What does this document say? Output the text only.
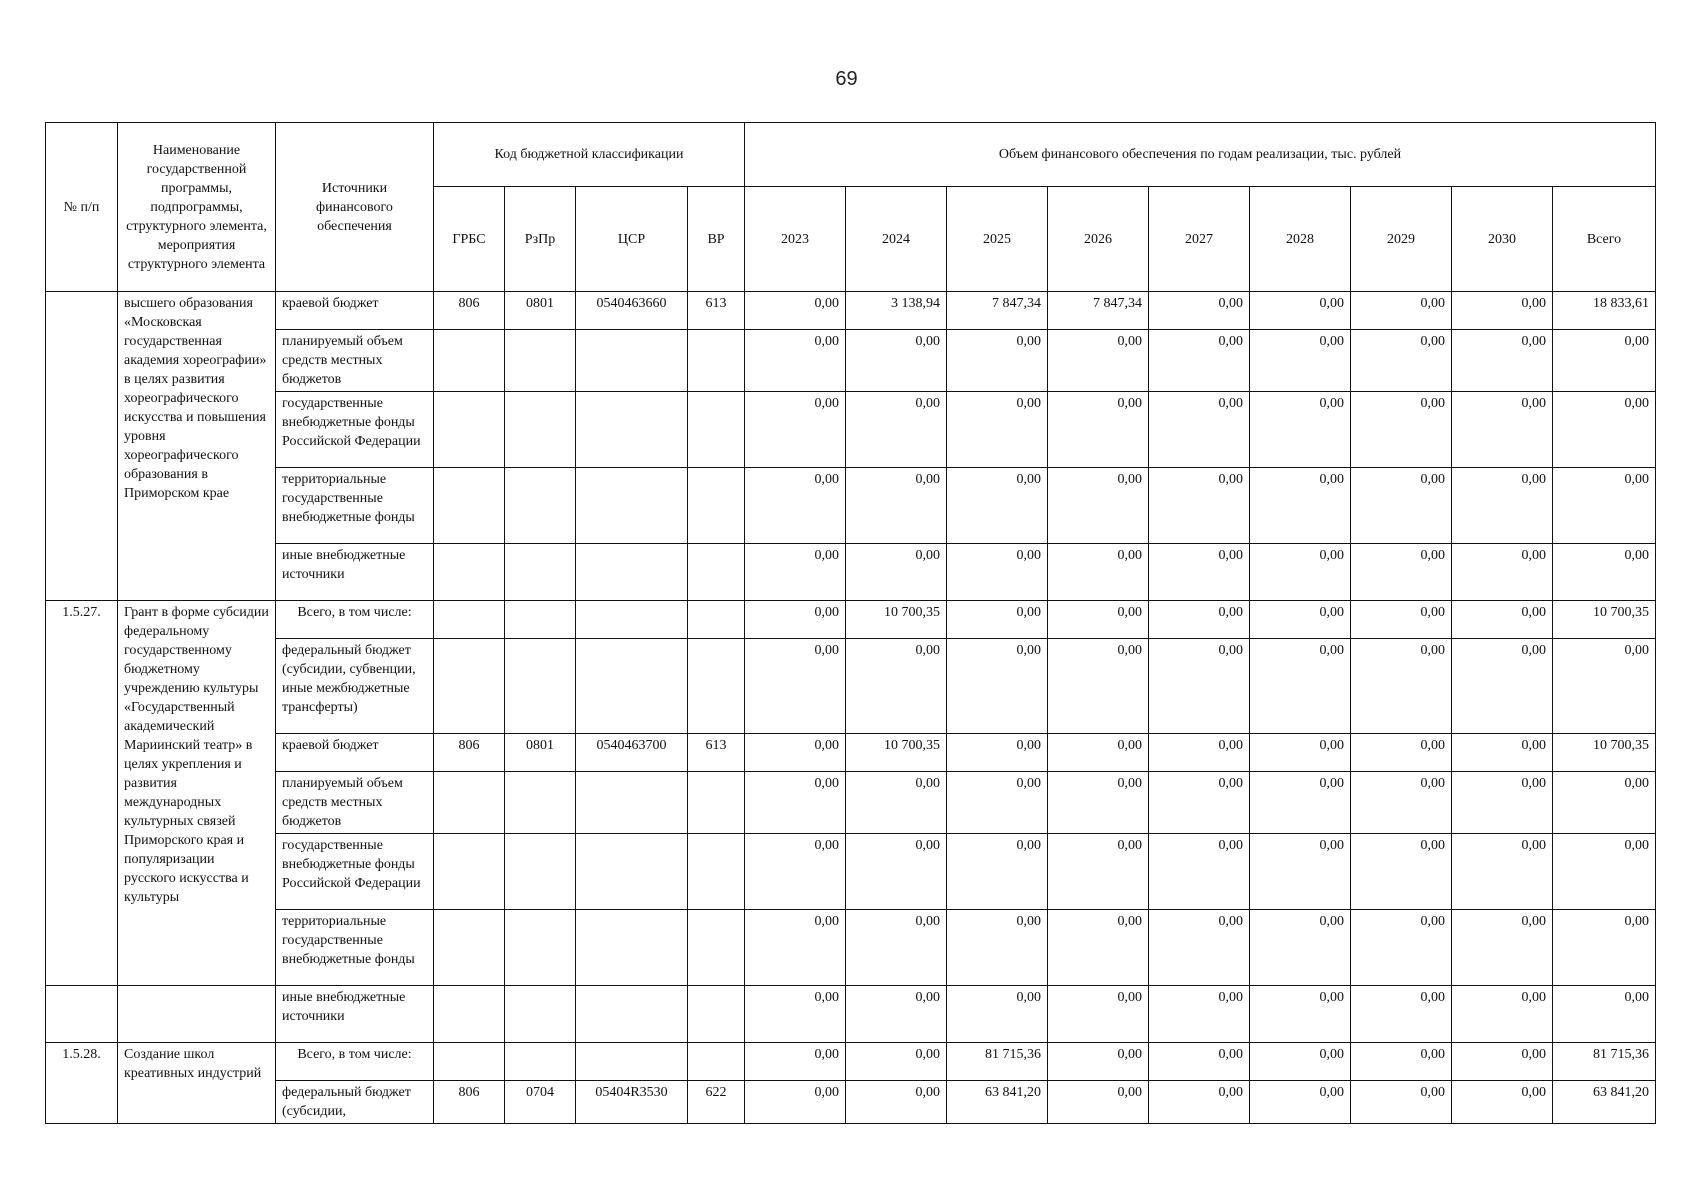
69
№ п/п	Наименование государственной программы, подпрограммы, структурного элемента, мероприятия структурного элемента	Источники финансового обеспечения	Код бюджетной классификации				Объем финансового обеспечения по годам реализации, тыс. рублей								
			ГРБС	РзПр	ЦСР	ВР	2023	2024	2025	2026	2027	2028	2029	2030	Всего
	высшего образования «Московская государственная академия хореографии» в целях развития хореографического искусства и повышения уровня хореографического образования в Приморском крае	краевой бюджет	806	0801	0540463660	613	0,00	3 138,94	7 847,34	7 847,34	0,00	0,00	0,00	0,00	18 833,61
		планируемый объем средств местных бюджетов					0,00	0,00	0,00	0,00	0,00	0,00	0,00	0,00	0,00
		государственные внебюджетные фонды Российской Федерации					0,00	0,00	0,00	0,00	0,00	0,00	0,00	0,00	0,00
		территориальные государственные внебюджетные фонды					0,00	0,00	0,00	0,00	0,00	0,00	0,00	0,00	0,00
		иные внебюджетные источники					0,00	0,00	0,00	0,00	0,00	0,00	0,00	0,00	0,00
1.5.27.	Грант в форме субсидии федеральному государственному бюджетному учреждению культуры «Государственный академический Мариинский театр» в целях укрепления и развития международных культурных связей Приморского края и популяризации русского искусства и культуры	Всего, в том числе:					0,00	10 700,35	0,00	0,00	0,00	0,00	0,00	0,00	10 700,35
		федеральный бюджет (субсидии, субвенции, иные межбюджетные трансферты)					0,00	0,00	0,00	0,00	0,00	0,00	0,00	0,00	0,00
		краевой бюджет	806	0801	0540463700	613	0,00	10 700,35	0,00	0,00	0,00	0,00	0,00	0,00	10 700,35
		планируемый объем средств местных бюджетов					0,00	0,00	0,00	0,00	0,00	0,00	0,00	0,00	0,00
		государственные внебюджетные фонды Российской Федерации					0,00	0,00	0,00	0,00	0,00	0,00	0,00	0,00	0,00
		территориальные государственные внебюджетные фонды					0,00	0,00	0,00	0,00	0,00	0,00	0,00	0,00	0,00
		иные внебюджетные источники					0,00	0,00	0,00	0,00	0,00	0,00	0,00	0,00	0,00
1.5.28.	Создание школ креативных индустрий	Всего, в том числе:					0,00	0,00	81 715,36	0,00	0,00	0,00	0,00	0,00	81 715,36
		федеральный бюджет (субсидии,	806	0704	05404R3530	622	0,00	0,00	63 841,20	0,00	0,00	0,00	0,00	0,00	63 841,20
